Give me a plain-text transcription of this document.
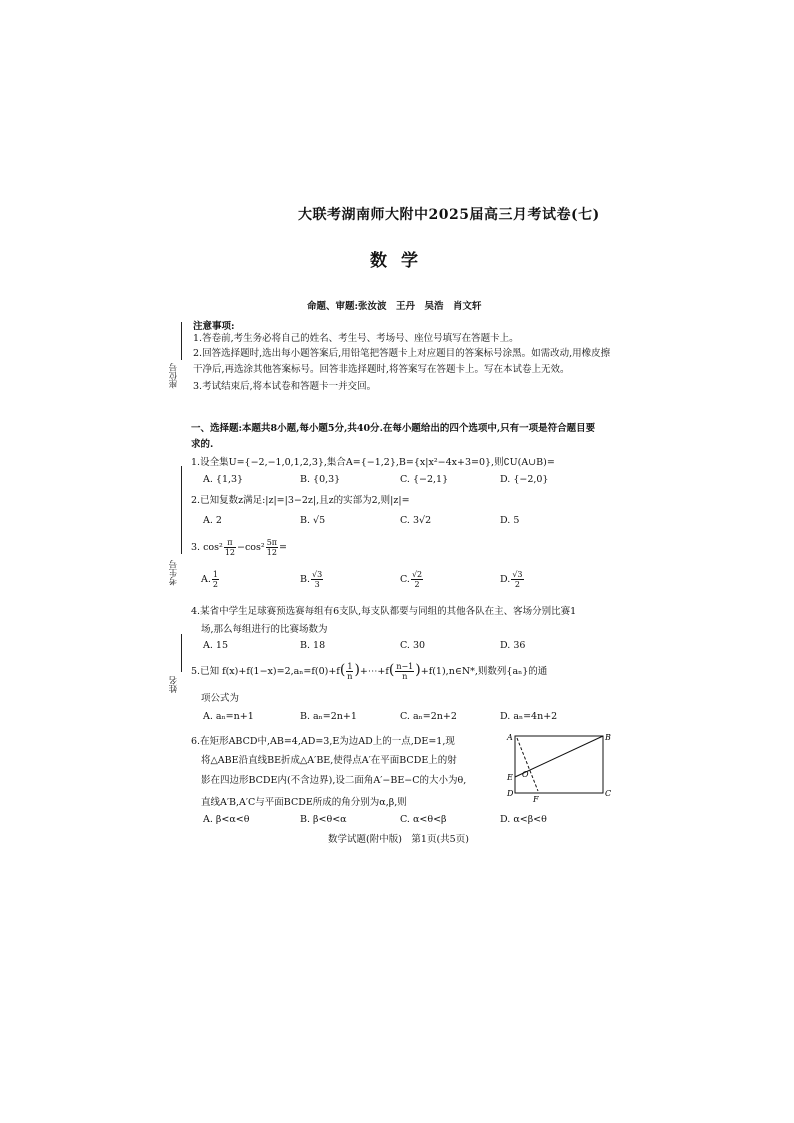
大联考湖南师大附中2025届高三月考试卷(七)
数学
命题、审题:张汝波　王丹　吴浩　肖文轩
注意事项:
1.答卷前,考生务必将自己的姓名、考生号、考场号、座位号填写在答题卡上。
2.回答选择题时,选出每小题答案后,用铅笔把答题卡上对应题目的答案标号涂黑。如需改动,用橡皮擦
干净后,再选涂其他答案标号。回答非选择题时,将答案写在答题卡上。写在本试卷上无效。
3.考试结束后,将本试卷和答题卡一并交回。
座位号
考生号
姓名
一、选择题:本题共8小题,每小题5分,共40分.在每小题给出的四个选项中,只有一项是符合题目要
求的.
1.设全集U={−2,−1,0,1,2,3},集合A={−1,2},B={x|x²−4x+3=0},则∁U(A∪B)=
A. {1,3}	B. {0,3}	C. {−2,1}	D. {−2,0}
2.已知复数z满足:|z|=|3−2z|,且z的实部为2,则|z|=
A. 2	B. √5	C. 3√2	D. 5
3. $\cos^2 \frac{\pi}{12} -\cos^2 \frac{5\pi}{12}$ =
A. $\frac{1}{2}$	B. $\frac{√3}{3}$	C. $\frac{√2}{2}$	D. $\frac{√3}{2}$
4.某省中学生足球赛预选赛每组有6支队,每支队都要与同组的其他各队在主、客场分别比赛1
场,那么每组进行的比赛场数为
A. 15	B. 18	C. 30	D. 36
5.已知 $f(x)+f(1-x)=2,a_n=f(0)+f( \frac{1}{n}$ )+⋯+f( $\frac{n-1}{n}$ )+f(1),n∈N*,则数列{aₙ}的通
项公式为
A. aₙ=n+1	B. aₙ=2n+1	C. aₙ=2n+2	D. aₙ=4n+2
6.在矩形ABCD中,AB=4,AD=3,E为边AD上的一点,DE=1,现
将△ABE沿直线BE折成△A′BE,使得点A′在平面BCDE上的射
影在四边形BCDE内(不含边界),设二面角A′−BE−C的大小为θ,
直线A′B,A′C与平面BCDE所成的角分别为α,β,则
A. β<α<θ	B. β<θ<α	C. α<θ<β	D. α<β<θ
A	B
C
D
E
F
O
数学试题(附中版)　第1页(共5页)
